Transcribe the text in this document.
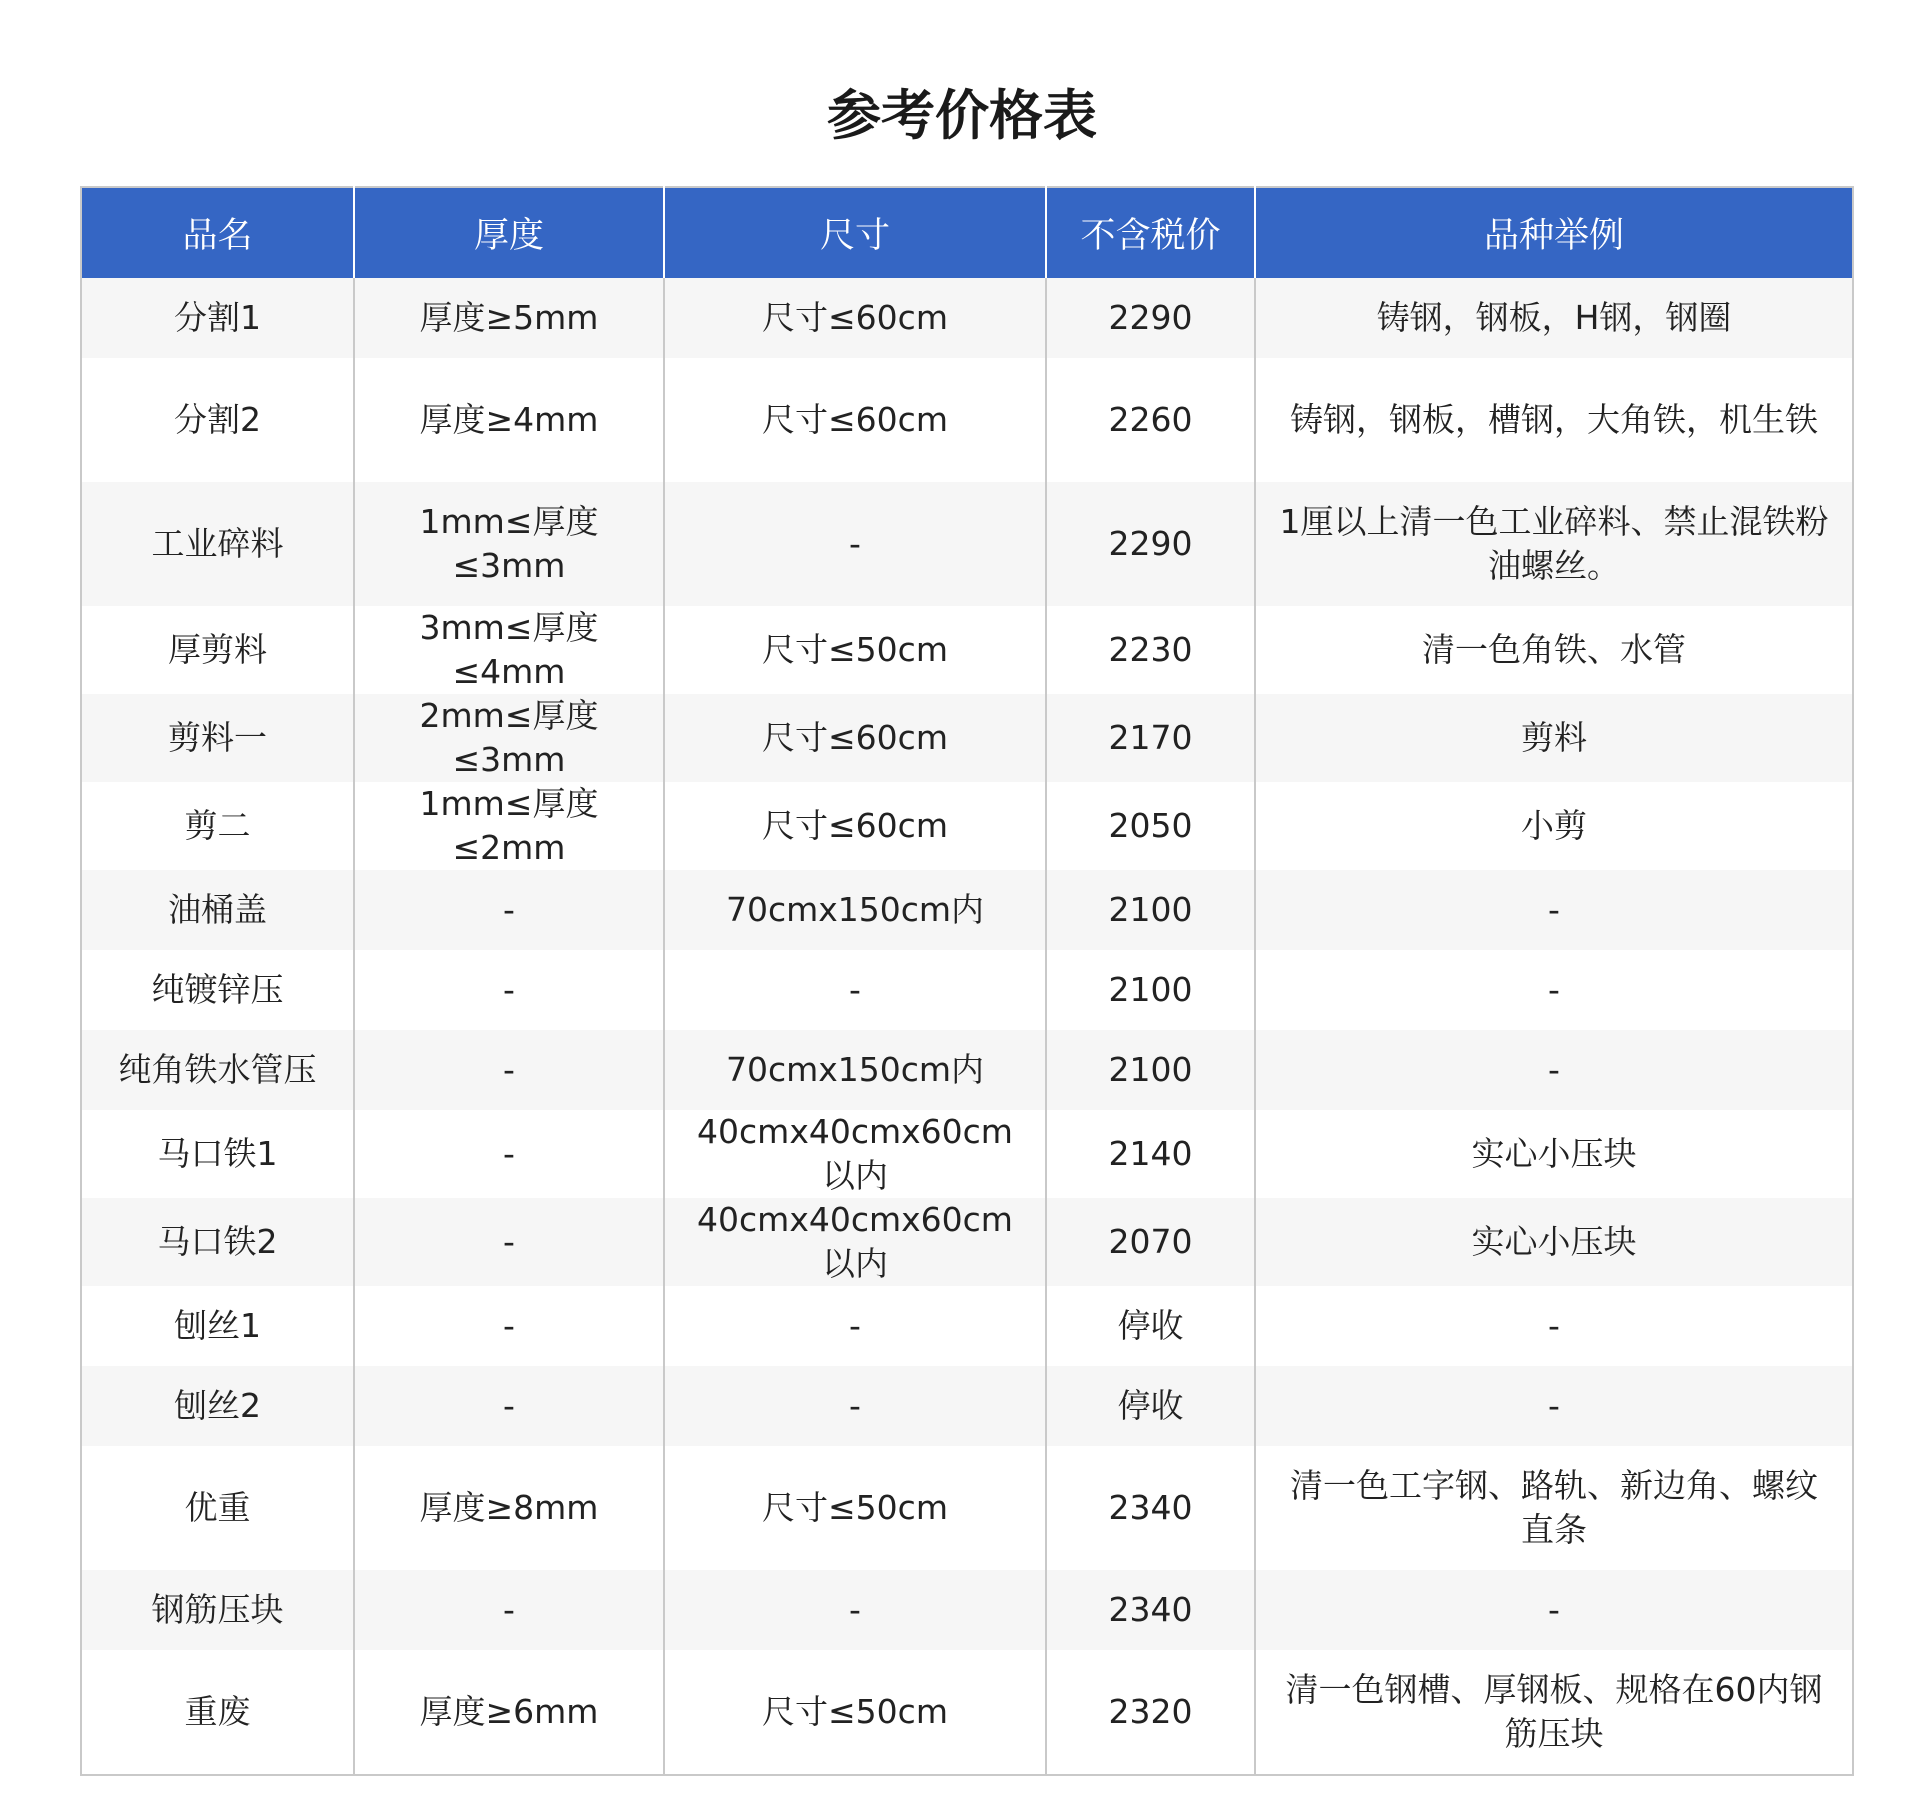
参考价格表
品名	厚度	尺寸	不含税价	品种举例
分割1	厚度≥5mm	尺寸≤60cm	2290	铸钢，钢板，H钢，钢圈
分割2	厚度≥4mm	尺寸≤60cm	2260	铸钢，钢板，槽钢，大角铁，机生铁
工业碎料	1mm≤厚度≤3mm	-	2290	1厘以上清一色工业碎料、禁止混铁粉油螺丝。
厚剪料	3mm≤厚度≤4mm	尺寸≤50cm	2230	清一色角铁、水管
剪料一	2mm≤厚度≤3mm	尺寸≤60cm	2170	剪料
剪二	1mm≤厚度≤2mm	尺寸≤60cm	2050	小剪
油桶盖	-	70cmx150cm内	2100	-
纯镀锌压	-	-	2100	-
纯角铁水管压	-	70cmx150cm内	2100	-
马口铁1	-	40cmx40cmx60cm以内	2140	实心小压块
马口铁2	-	40cmx40cmx60cm以内	2070	实心小压块
刨丝1	-	-	停收	-
刨丝2	-	-	停收	-
优重	厚度≥8mm	尺寸≤50cm	2340	清一色工字钢、路轨、新边角、螺纹直条
钢筋压块	-	-	2340	-
重废	厚度≥6mm	尺寸≤50cm	2320	清一色钢槽、厚钢板、规格在60内钢筋压块
